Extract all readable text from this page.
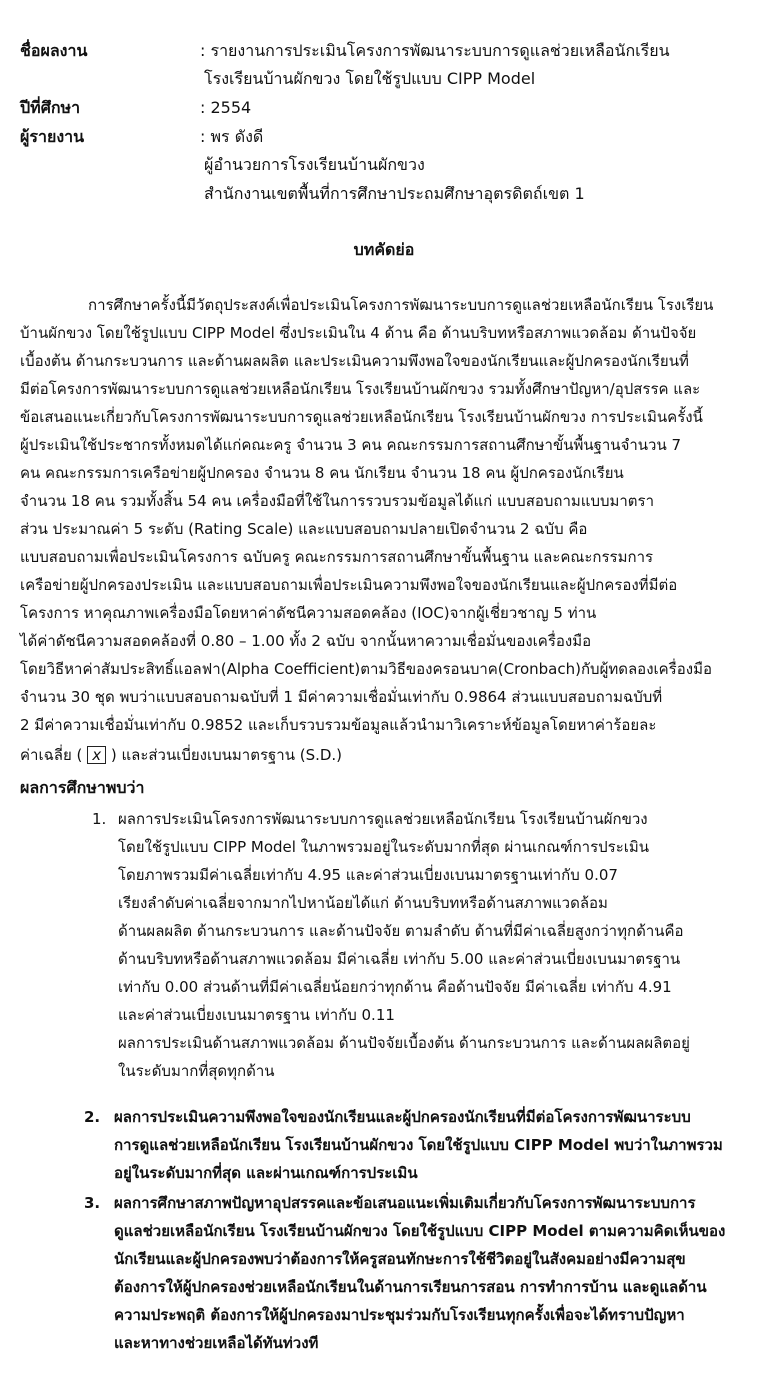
ชื่อผลงาน	: รายงานการประเมินโครงการพัฒนาระบบการดูแลช่วยเหลือนักเรียน
โรงเรียนบ้านผักขวง โดยใช้รูปแบบ CIPP Model
ปีที่ศึกษา	: 2554
ผู้รายงาน	: พร ดังดี
ผู้อำนวยการโรงเรียนบ้านผักขวง
สำนักงานเขตพื้นที่การศึกษาประถมศึกษาอุตรดิตถ์เขต 1
บทคัดย่อ
การศึกษาครั้งนี้มีวัตถุประสงค์เพื่อประเมินโครงการพัฒนาระบบการดูแลช่วยเหลือนักเรียน โรงเรียน
บ้านผักขวง โดยใช้รูปแบบ CIPP Model ซึ่งประเมินใน 4 ด้าน คือ ด้านบริบทหรือสภาพแวดล้อม ด้านปัจจัย
เบื้องต้น ด้านกระบวนการ และด้านผลผลิต และประเมินความพึงพอใจของนักเรียนและผู้ปกครองนักเรียนที่
มีต่อโครงการพัฒนาระบบการดูแลช่วยเหลือนักเรียน โรงเรียนบ้านผักขวง รวมทั้งศึกษาปัญหา/อุปสรรค และ
ข้อเสนอแนะเกี่ยวกับโครงการพัฒนาระบบการดูแลช่วยเหลือนักเรียน โรงเรียนบ้านผักขวง การประเมินครั้งนี้
ผู้ประเมินใช้ประชากรทั้งหมดได้แก่คณะครู จำนวน 3 คน คณะกรรมการสถานศึกษาขั้นพื้นฐานจำนวน 7
คน คณะกรรมการเครือข่ายผู้ปกครอง จำนวน 8 คน นักเรียน จำนวน 18 คน ผู้ปกครองนักเรียน
จำนวน 18 คน รวมทั้งสิ้น 54 คน เครื่องมือที่ใช้ในการรวบรวมข้อมูลได้แก่ แบบสอบถามแบบมาตรา
ส่วน ประมาณค่า 5 ระดับ (Rating Scale) และแบบสอบถามปลายเปิดจำนวน 2 ฉบับ คือ
แบบสอบถามเพื่อประเมินโครงการ ฉบับครู คณะกรรมการสถานศึกษาขั้นพื้นฐาน และคณะกรรมการ
เครือข่ายผู้ปกครองประเมิน และแบบสอบถามเพื่อประเมินความพึงพอใจของนักเรียนและผู้ปกครองที่มีต่อ
โครงการ หาคุณภาพเครื่องมือโดยหาค่าดัชนีความสอดคล้อง (IOC)จากผู้เชี่ยวชาญ 5 ท่าน
ได้ค่าดัชนีความสอดคล้องที่ 0.80 – 1.00 ทั้ง 2 ฉบับ จากนั้นหาความเชื่อมั่นของเครื่องมือ
โดยวิธีหาค่าสัมประสิทธิ์แอลฟา(Alpha Coefficient)ตามวิธีของครอนบาค(Cronbach)กับผู้ทดลองเครื่องมือ
จำนวน 30 ชุด พบว่าแบบสอบถามฉบับที่ 1 มีค่าความเชื่อมั่นเท่ากับ 0.9864 ส่วนแบบสอบถามฉบับที่
2 มีค่าความเชื่อมั่นเท่ากับ 0.9852 และเก็บรวบรวมข้อมูลแล้วนำมาวิเคราะห์ข้อมูลโดยหาค่าร้อยละ
ค่าเฉลี่ย ( x ) และส่วนเบี่ยงเบนมาตรฐาน (S.D.)
ผลการศึกษาพบว่า
1. ผลการประเมินโครงการพัฒนาระบบการดูแลช่วยเหลือนักเรียน โรงเรียนบ้านผักขวง
โดยใช้รูปแบบ CIPP Model ในภาพรวมอยู่ในระดับมากที่สุด ผ่านเกณฑ์การประเมิน
โดยภาพรวมมีค่าเฉลี่ยเท่ากับ 4.95 และค่าส่วนเบี่ยงเบนมาตรฐานเท่ากับ 0.07
เรียงลำดับค่าเฉลี่ยจากมากไปหาน้อยได้แก่ ด้านบริบทหรือด้านสภาพแวดล้อม
ด้านผลผลิต ด้านกระบวนการ และด้านปัจจัย ตามลำดับ ด้านที่มีค่าเฉลี่ยสูงกว่าทุกด้านคือ
ด้านบริบทหรือด้านสภาพแวดล้อม มีค่าเฉลี่ย เท่ากับ 5.00 และค่าส่วนเบี่ยงเบนมาตรฐาน
เท่ากับ 0.00 ส่วนด้านที่มีค่าเฉลี่ยน้อยกว่าทุกด้าน คือด้านปัจจัย มีค่าเฉลี่ย เท่ากับ 4.91
และค่าส่วนเบี่ยงเบนมาตรฐาน เท่ากับ 0.11
ผลการประเมินด้านสภาพแวดล้อม ด้านปัจจัยเบื้องต้น ด้านกระบวนการ และด้านผลผลิตอยู่
ในระดับมากที่สุดทุกด้าน
2. ผลการประเมินความพึงพอใจของนักเรียนและผู้ปกครองนักเรียนที่มีต่อโครงการพัฒนาระบบ
การดูแลช่วยเหลือนักเรียน โรงเรียนบ้านผักขวง โดยใช้รูปแบบ CIPP Model พบว่าในภาพรวม
อยู่ในระดับมากที่สุด และผ่านเกณฑ์การประเมิน
3. ผลการศึกษาสภาพปัญหาอุปสรรคและข้อเสนอแนะเพิ่มเติมเกี่ยวกับโครงการพัฒนาระบบการ
ดูแลช่วยเหลือนักเรียน โรงเรียนบ้านผักขวง โดยใช้รูปแบบ CIPP Model ตามความคิดเห็นของ
นักเรียนและผู้ปกครองพบว่าต้องการให้ครูสอนทักษะการใช้ชีวิตอยู่ในสังคมอย่างมีความสุข
ต้องการให้ผู้ปกครองช่วยเหลือนักเรียนในด้านการเรียนการสอน การทำการบ้าน และดูแลด้าน
ความประพฤติ ต้องการให้ผู้ปกครองมาประชุมร่วมกับโรงเรียนทุกครั้งเพื่อจะได้ทราบปัญหา
และหาทางช่วยเหลือได้ทันท่วงที
